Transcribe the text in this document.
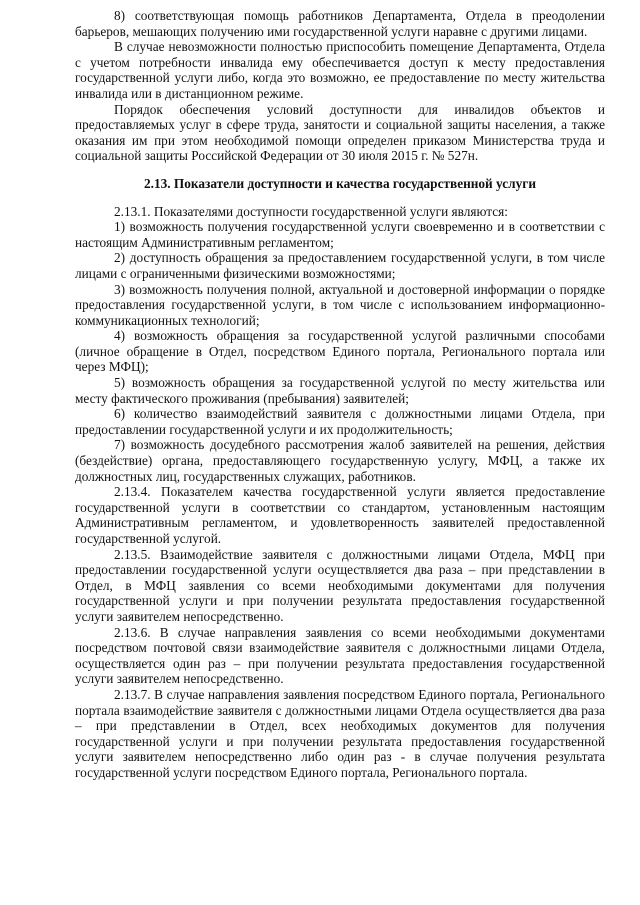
8) соответствующая помощь работников Департамента, Отдела в преодолении барьеров, мешающих получению ими государственной услуги наравне с другими лицами.

В случае невозможности полностью приспособить помещение Департамента, Отдела с учетом потребности инвалида ему обеспечивается доступ к месту предоставления государственной услуги либо, когда это возможно, ее предоставление по месту жительства инвалида или в дистанционном режиме.

Порядок обеспечения условий доступности для инвалидов объектов и предоставляемых услуг в сфере труда, занятости и социальной защиты населения, а также оказания им при этом необходимой помощи определен приказом Министерства труда и социальной защиты Российской Федерации от 30 июля 2015 г. № 527н.

2.13. Показатели доступности и качества государственной услуги

2.13.1. Показателями доступности государственной услуги являются:

1) возможность получения государственной услуги своевременно и в соответствии с настоящим Административным регламентом;

2) доступность обращения за предоставлением государственной услуги, в том числе лицами с ограниченными физическими возможностями;

3) возможность получения полной, актуальной и достоверной информации о порядке предоставления государственной услуги, в том числе с использованием информационно-коммуникационных технологий;

4) возможность обращения за государственной услугой различными способами (личное обращение в Отдел, посредством Единого портала, Регионального портала или через МФЦ);

5) возможность обращения за государственной услугой по месту жительства или месту фактического проживания (пребывания) заявителей;

6) количество взаимодействий заявителя с должностными лицами Отдела, при предоставлении государственной услуги и их продолжительность;

7) возможность досудебного рассмотрения жалоб заявителей на решения, действия (бездействие) органа, предоставляющего государственную услугу, МФЦ, а также их должностных лиц, государственных служащих, работников.

2.13.4. Показателем качества государственной услуги является предоставление государственной услуги в соответствии со стандартом, установленным настоящим Административным регламентом, и удовлетворенность заявителей предоставленной государственной услугой.

2.13.5. Взаимодействие заявителя с должностными лицами Отдела, МФЦ при предоставлении государственной услуги осуществляется два раза – при представлении в Отдел, в МФЦ заявления со всеми необходимыми документами для получения государственной услуги и при получении результата предоставления государственной услуги заявителем непосредственно.

2.13.6. В случае направления заявления со всеми необходимыми документами посредством почтовой связи взаимодействие заявителя с должностными лицами Отдела, осуществляется один раз – при получении результата предоставления государственной услуги заявителем непосредственно.

2.13.7. В случае направления заявления посредством Единого портала, Регионального портала взаимодействие заявителя с должностными лицами Отдела осуществляется два раза – при представлении в Отдел, всех необходимых документов для получения государственной услуги и при получении результата предоставления государственной услуги заявителем непосредственно либо один раз - в случае получения результата государственной услуги посредством Единого портала, Регионального портала.
